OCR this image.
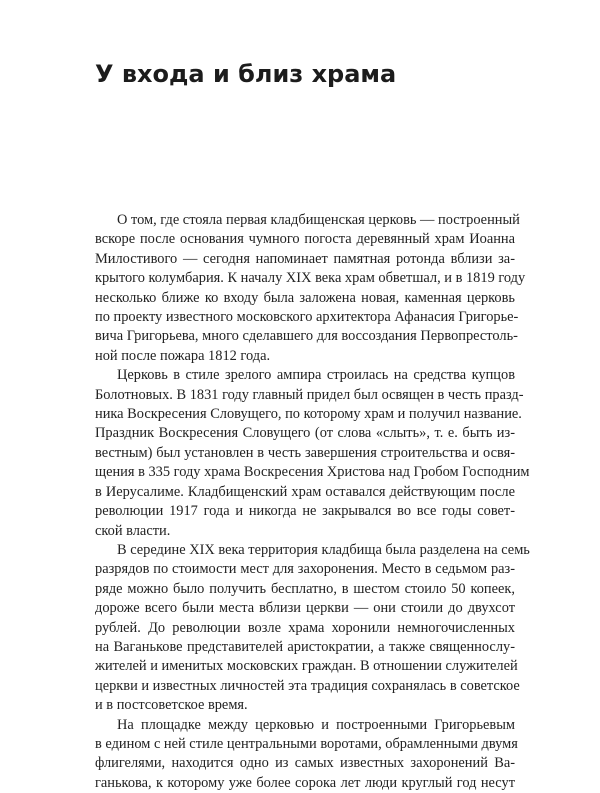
У входа и близ храма

О том, где стояла первая кладбищенская церковь — построенный
вскоре после основания чумного погоста деревянный храм Иоанна
Милостивого — сегодня напоминает памятная ротонда вблизи за-
крытого колумбария. К началу XIX века храм обветшал, и в 1819 году
несколько ближе ко входу была заложена новая, каменная церковь
по проекту известного московского архитектора Афанасия Григорье-
вича Григорьева, много сделавшего для воссоздания Первопрестоль-
ной после пожара 1812 года.

Церковь в стиле зрелого ампира строилась на средства купцов
Болотновых. В 1831 году главный придел был освящен в честь празд-
ника Воскресения Словущего, по которому храм и получил название.
Праздник Воскресения Словущего (от слова «слыть», т. е. быть из-
вестным) был установлен в честь завершения строительства и освя-
щения в 335 году храма Воскресения Христова над Гробом Господним
в Иерусалиме. Кладбищенский храм оставался действующим после
революции 1917 года и никогда не закрывался во все годы совет-
ской власти.

В середине XIX века территория кладбища была разделена на семь
разрядов по стоимости мест для захоронения. Место в седьмом раз-
ряде можно было получить бесплатно, в шестом стоило 50 копеек,
дороже всего были места вблизи церкви — они стоили до двухсот
рублей. До революции возле храма хоронили немногочисленных
на Ваганькове представителей аристократии, а также священнослу-
жителей и именитых московских граждан. В отношении служителей
церкви и известных личностей эта традиция сохранялась в советское
и в постсоветское время.

На площадке между церковью и построенными Григорьевым
в едином с ней стиле центральными воротами, обрамленными двумя
флигелями, находится одно из самых известных захоронений Ва-
ганькова, к которому уже более сорока лет люди круглый год несут
